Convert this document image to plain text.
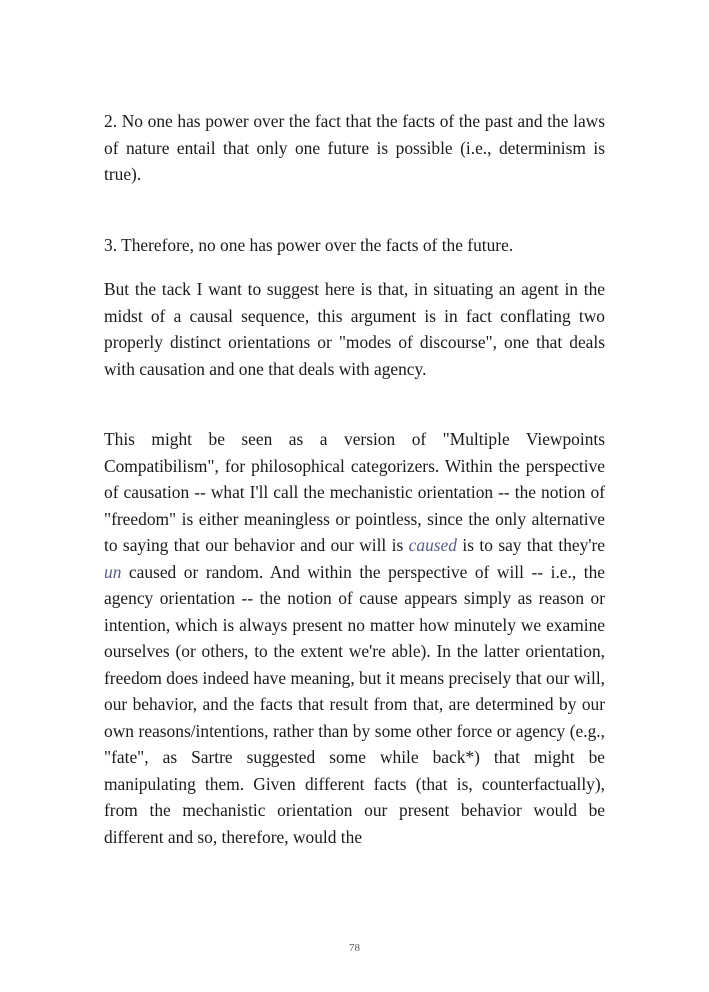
2. No one has power over the fact that the facts of the past and the laws of nature entail that only one future is possible (i.e., determinism is true).

3. Therefore, no one has power over the facts of the future.

But the tack I want to suggest here is that, in situating an agent in the midst of a causal sequence, this argument is in fact conflating two properly distinct orientations or "modes of discourse", one that deals with causation and one that deals with agency.

This might be seen as a version of "Multiple Viewpoints Compatibilism", for philosophical categorizers. Within the perspective of causation -- what I'll call the mechanistic orientation -- the notion of "freedom" is either meaningless or pointless, since the only alternative to saying that our behavior and our will is caused is to say that they're un caused or random. And within the perspective of will -- i.e., the agency orientation -- the notion of cause appears simply as reason or intention, which is always present no matter how minutely we examine ourselves (or others, to the extent we're able). In the latter orientation, freedom does indeed have meaning, but it means precisely that our will, our behavior, and the facts that result from that, are determined by our own reasons/intentions, rather than by some other force or agency (e.g., "fate", as Sartre suggested some while back*) that might be manipulating them. Given different facts (that is, counterfactually), from the mechanistic orientation our present behavior would be different and so, therefore, would the

78
